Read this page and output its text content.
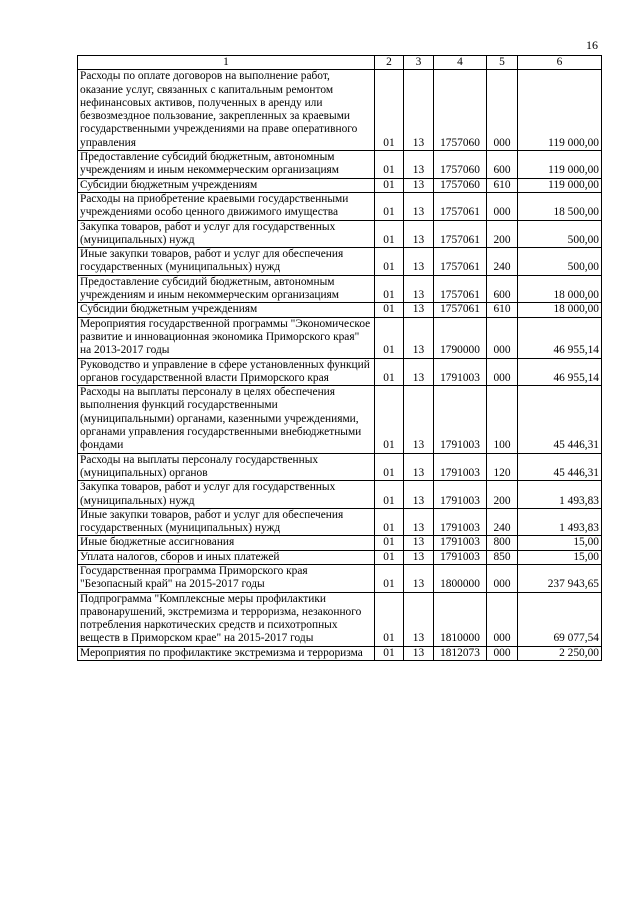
16
1	2	3	4	5	6
Расходы по оплате договоров на выполнение работ, оказание услуг, связанных с капитальным ремонтом нефинансовых активов, полученных в аренду или безвозмездное пользование, закрепленных за краевыми государственными учреждениями на праве оперативного управления	01	13	1757060	000	119 000,00
Предоставление субсидий бюджетным, автономным учреждениям и иным некоммерческим организациям	01	13	1757060	600	119 000,00
Субсидии бюджетным учреждениям	01	13	1757060	610	119 000,00
Расходы на приобретение краевыми государственными учреждениями особо ценного движимого имущества	01	13	1757061	000	18 500,00
Закупка товаров, работ и услуг для государственных (муниципальных) нужд	01	13	1757061	200	500,00
Иные закупки товаров, работ и услуг для обеспечения государственных (муниципальных) нужд	01	13	1757061	240	500,00
Предоставление субсидий бюджетным, автономным учреждениям и иным некоммерческим организациям	01	13	1757061	600	18 000,00
Субсидии бюджетным учреждениям	01	13	1757061	610	18 000,00
Мероприятия государственной программы "Экономическое развитие и инновационная экономика Приморского края" на 2013-2017 годы	01	13	1790000	000	46 955,14
Руководство и управление в сфере установленных функций органов государственной власти Приморского края	01	13	1791003	000	46 955,14
Расходы на выплаты персоналу в целях обеспечения выполнения функций государственными (муниципальными) органами, казенными учреждениями, органами управления государственными внебюджетными фондами	01	13	1791003	100	45 446,31
Расходы на выплаты персоналу государственных (муниципальных) органов	01	13	1791003	120	45 446,31
Закупка товаров, работ и услуг для государственных (муниципальных) нужд	01	13	1791003	200	1 493,83
Иные закупки товаров, работ и услуг для обеспечения государственных (муниципальных) нужд	01	13	1791003	240	1 493,83
Иные бюджетные ассигнования	01	13	1791003	800	15,00
Уплата налогов, сборов и иных платежей	01	13	1791003	850	15,00
Государственная программа Приморского края "Безопасный край" на 2015-2017 годы	01	13	1800000	000	237 943,65
Подпрограмма "Комплексные меры профилактики правонарушений, экстремизма и терроризма, незаконного потребления наркотических средств и психотропных веществ в Приморском крае" на 2015-2017 годы	01	13	1810000	000	69 077,54
Мероприятия по профилактике экстремизма и терроризма	01	13	1812073	000	2 250,00
